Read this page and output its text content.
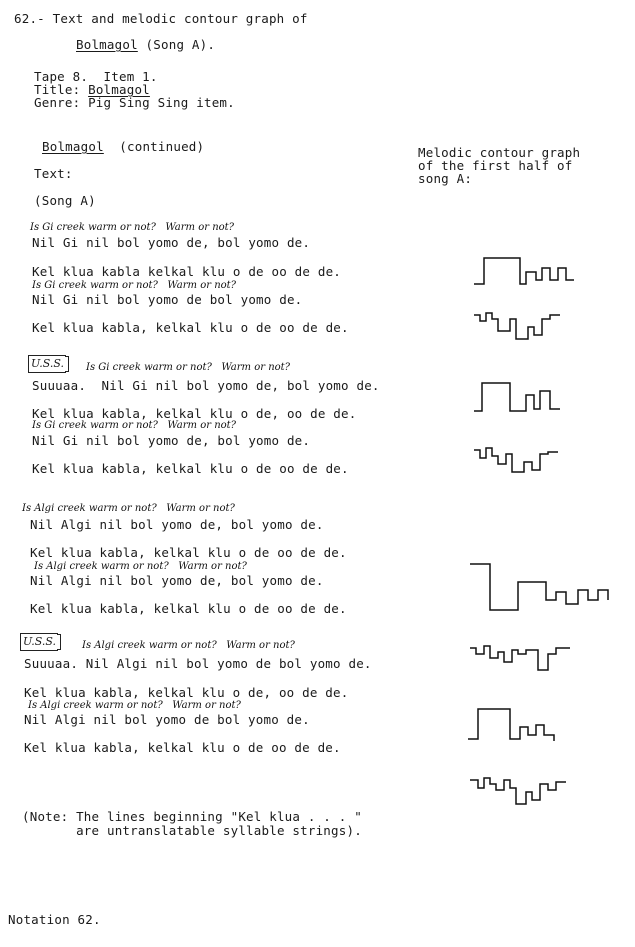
62.- Text and melodic contour graph of
Bolmagol (Song A).
Tape 8.  Item 1.
Title: Bolmagol
Genre: Pig Sing Sing item.
Bolmagol  (continued)
Text:
(Song A)
Melodic contour graph
of the first half of
song A:
Is Gi creek warm or not?   Warm or not?
Nil Gi nil bol yomo de, bol yomo de.
Kel klua kabla kelkal klu o de oo de de.
Is Gi creek warm or not?   Warm or not?
Nil Gi nil bol yomo de bol yomo de.
Kel klua kabla, kelkal klu o de oo de de.
U.S.S. Is Gi creek warm or not?   Warm or not?
Suuuaa.  Nil Gi nil bol yomo de, bol yomo de.
Kel klua kabla, kelkal klu o de, oo de de.
Is Gi creek warm or not?   Warm or not?
Nil Gi nil bol yomo de, bol yomo de.
Kel klua kabla, kelkal klu o de oo de de.
Is Algi creek warm or not?   Warm or not?
Nil Algi nil bol yomo de, bol yomo de.
Kel klua kabla, kelkal klu o de oo de de.
Is Algi creek warm or not?   Warm or not?
Nil Algi nil bol yomo de, bol yomo de.
Kel klua kabla, kelkal klu o de oo de de.
U.S.S.	Is Algi creek warm or not?   Warm or not?
Suuuaa. Nil Algi nil bol yomo de bol yomo de.
Kel klua kabla, kelkal klu o de, oo de de.
Is Algi creek warm or not?   Warm or not?
Nil Algi nil bol yomo de bol yomo de.
Kel klua kabla, kelkal klu o de oo de de.
(Note: The lines beginning "Kel klua . . . "
are untranslatable syllable strings).
Notation 62.
